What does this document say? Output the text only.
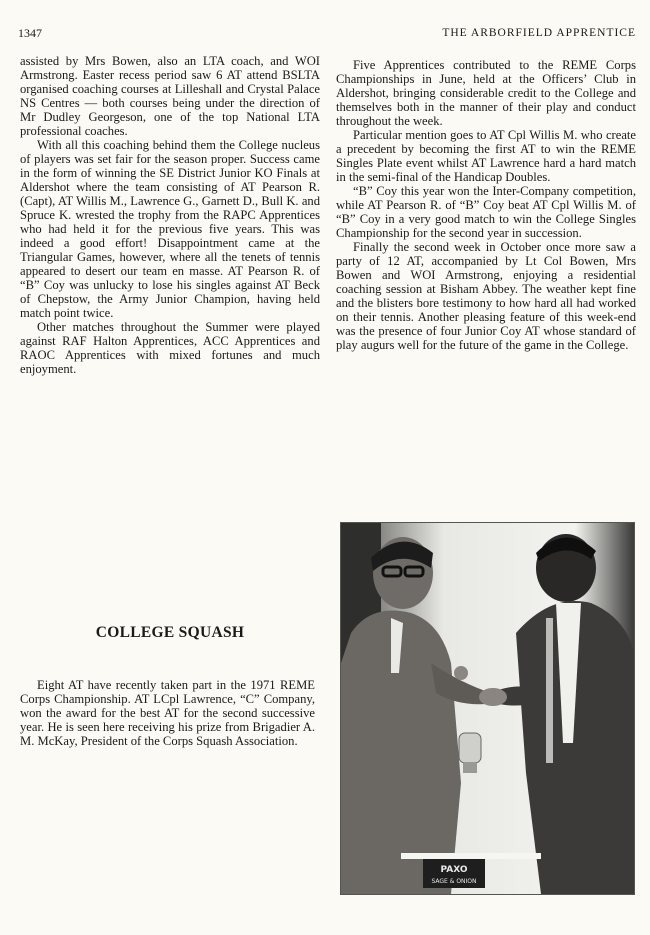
1347	THE ARBORFIELD APPRENTICE

assisted by Mrs Bowen, also an LTA coach, and WOI Armstrong. Easter recess period saw 6 AT attend BSLTA organised coaching courses at Lilleshall and Crystal Palace NS Centres — both courses being under the direction of Mr Dudley Georgeson, one of the top National LTA professional coaches.

With all this coaching behind them the College nucleus of players was set fair for the season proper. Success came in the form of winning the SE District Junior KO Finals at Aldershot where the team consisting of AT Pearson R. (Capt), AT Willis M., Lawrence G., Garnett D., Bull K. and Spruce K. wrested the trophy from the RAPC Apprentices who had held it for the previous five years. This was indeed a good effort! Disappointment came at the Triangular Games, however, where all the tenets of tennis appeared to desert our team en masse. AT Pearson R. of “B” Coy was unlucky to lose his singles against AT Beck of Chepstow, the Army Junior Champion, having held match point twice.

Other matches throughout the Summer were played against RAF Halton Apprentices, ACC Apprentices and RAOC Apprentices with mixed fortunes and much enjoyment.

Five Apprentices contributed to the REME Corps Championships in June, held at the Officers’ Club in Aldershot, bringing considerable credit to the College and themselves both in the manner of their play and conduct throughout the week.

Particular mention goes to AT Cpl Willis M. who create a precedent by becoming the first AT to win the REME Singles Plate event whilst AT Lawrence hard a hard match in the semi-final of the Handicap Doubles.

“B” Coy this year won the Inter-Company competition, while AT Pearson R. of “B” Coy beat AT Cpl Willis M. of “B” Coy in a very good match to win the College Singles Championship for the second year in succession.

Finally the second week in October once more saw a party of 12 AT, accompanied by Lt Col Bowen, Mrs Bowen and WOI Armstrong, enjoying a residential coaching session at Bisham Abbey. The weather kept fine and the blisters bore testimony to how hard all had worked on their tennis. Another pleasing feature of this week-end was the presence of four Junior Coy AT whose standard of play augurs well for the future of the game in the College.

COLLEGE SQUASH

Eight AT have recently taken part in the 1971 REME Corps Championship. AT LCpl Lawrence, “C” Company, won the award for the best AT for the second successive year. He is seen here receiving his prize from Brigadier A. M. McKay, President of the Corps Squash Association.

PAXO
SAGE & ONION
